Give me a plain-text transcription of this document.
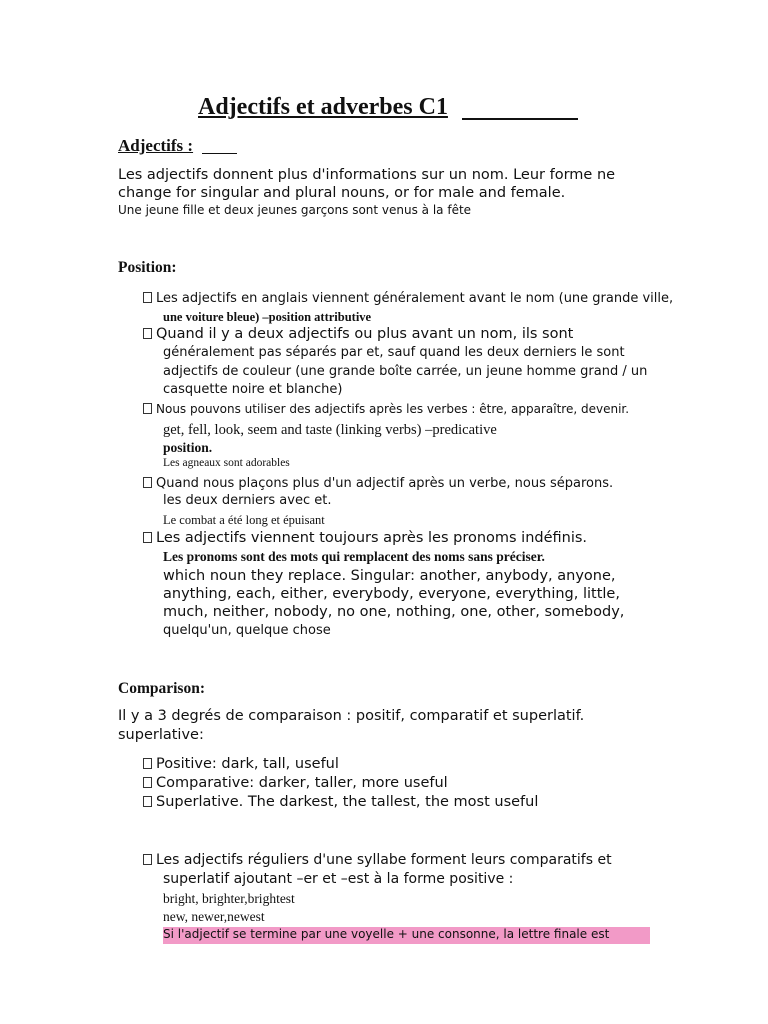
Adjectifs et adverbes C1
Adjectifs :
Les adjectifs donnent plus d'informations sur un nom. Leur forme ne
change for singular and plural nouns, or for male and female.
Une jeune fille et deux jeunes garçons sont venus à la fête
Position:
Les adjectifs en anglais viennent généralement avant le nom (une grande ville,
une voiture bleue) –position attributive
Quand il y a deux adjectifs ou plus avant un nom, ils sont
généralement pas séparés par et, sauf quand les deux derniers le sont
adjectifs de couleur (une grande boîte carrée, un jeune homme grand / un
casquette noire et blanche)
Nous pouvons utiliser des adjectifs après les verbes : être, apparaître, devenir.
get, fell, look, seem and taste (linking verbs) –predicative
position.
Les agneaux sont adorables
Quand nous plaçons plus d'un adjectif après un verbe, nous séparons.
les deux derniers avec et.
Le combat a été long et épuisant
Les adjectifs viennent toujours après les pronoms indéfinis.
Les pronoms sont des mots qui remplacent des noms sans préciser.
which noun they replace. Singular: another, anybody, anyone,
anything, each, either, everybody, everyone, everything, little,
much, neither, nobody, no one, nothing, one, other, somebody,
quelqu'un, quelque chose
Comparison:
Il y a 3 degrés de comparaison : positif, comparatif et superlatif.
superlative:
Positive: dark, tall, useful
Comparative: darker, taller, more useful
Superlative. The darkest, the tallest, the most useful
Les adjectifs réguliers d'une syllabe forment leurs comparatifs et
superlatif ajoutant –er et –est à la forme positive :
bright, brighter,brightest
new, newer,newest
Si l'adjectif se termine par une voyelle + une consonne, la lettre finale est
